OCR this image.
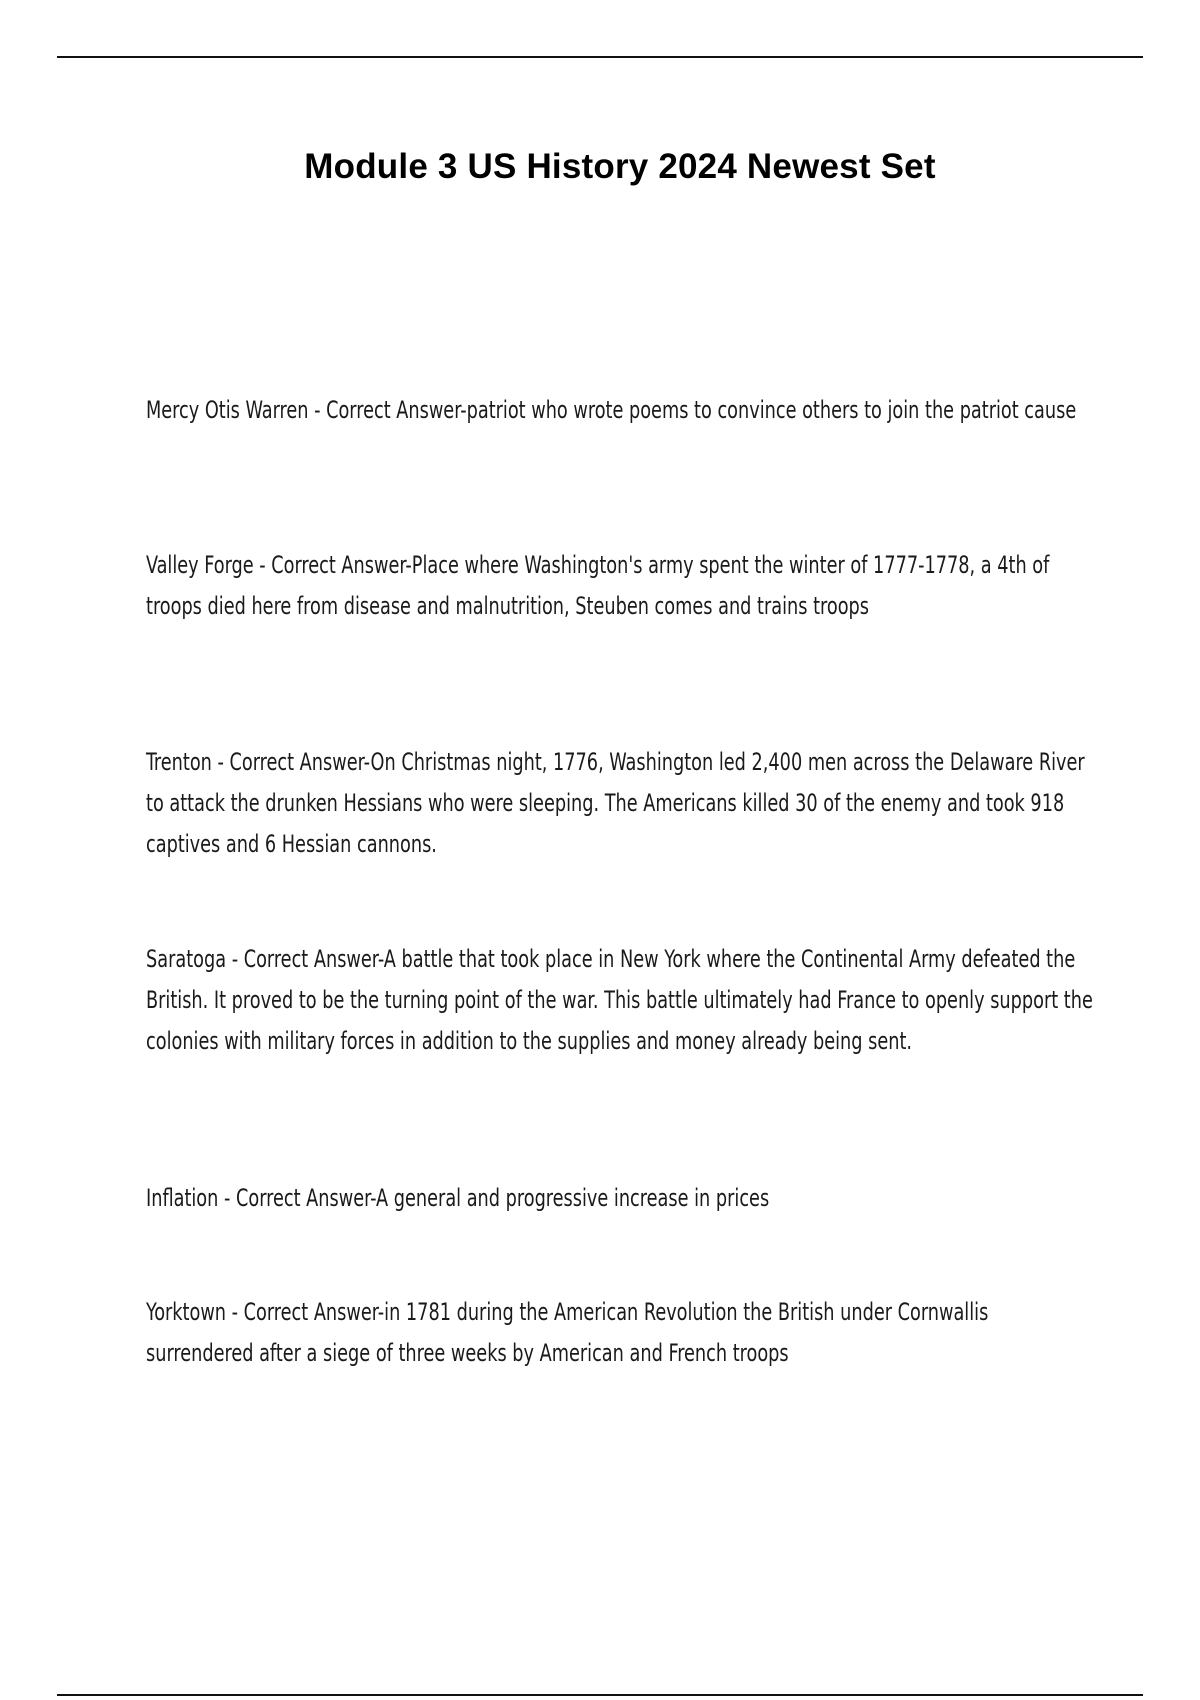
Module 3 US History 2024 Newest Set

Mercy Otis Warren - Correct Answer-patriot who wrote poems to convince others to join the patriot cause

Valley Forge - Correct Answer-Place where Washington's army spent the winter of 1777-1778, a 4th of troops died here from disease and malnutrition, Steuben comes and trains troops

Trenton - Correct Answer-On Christmas night, 1776, Washington led 2,400 men across the Delaware River to attack the drunken Hessians who were sleeping. The Americans killed 30 of the enemy and took 918 captives and 6 Hessian cannons.

Saratoga - Correct Answer-A battle that took place in New York where the Continental Army defeated the British. It proved to be the turning point of the war. This battle ultimately had France to openly support the colonies with military forces in addition to the supplies and money already being sent.

Inflation - Correct Answer-A general and progressive increase in prices

Yorktown - Correct Answer-in 1781 during the American Revolution the British under Cornwallis surrendered after a siege of three weeks by American and French troops
